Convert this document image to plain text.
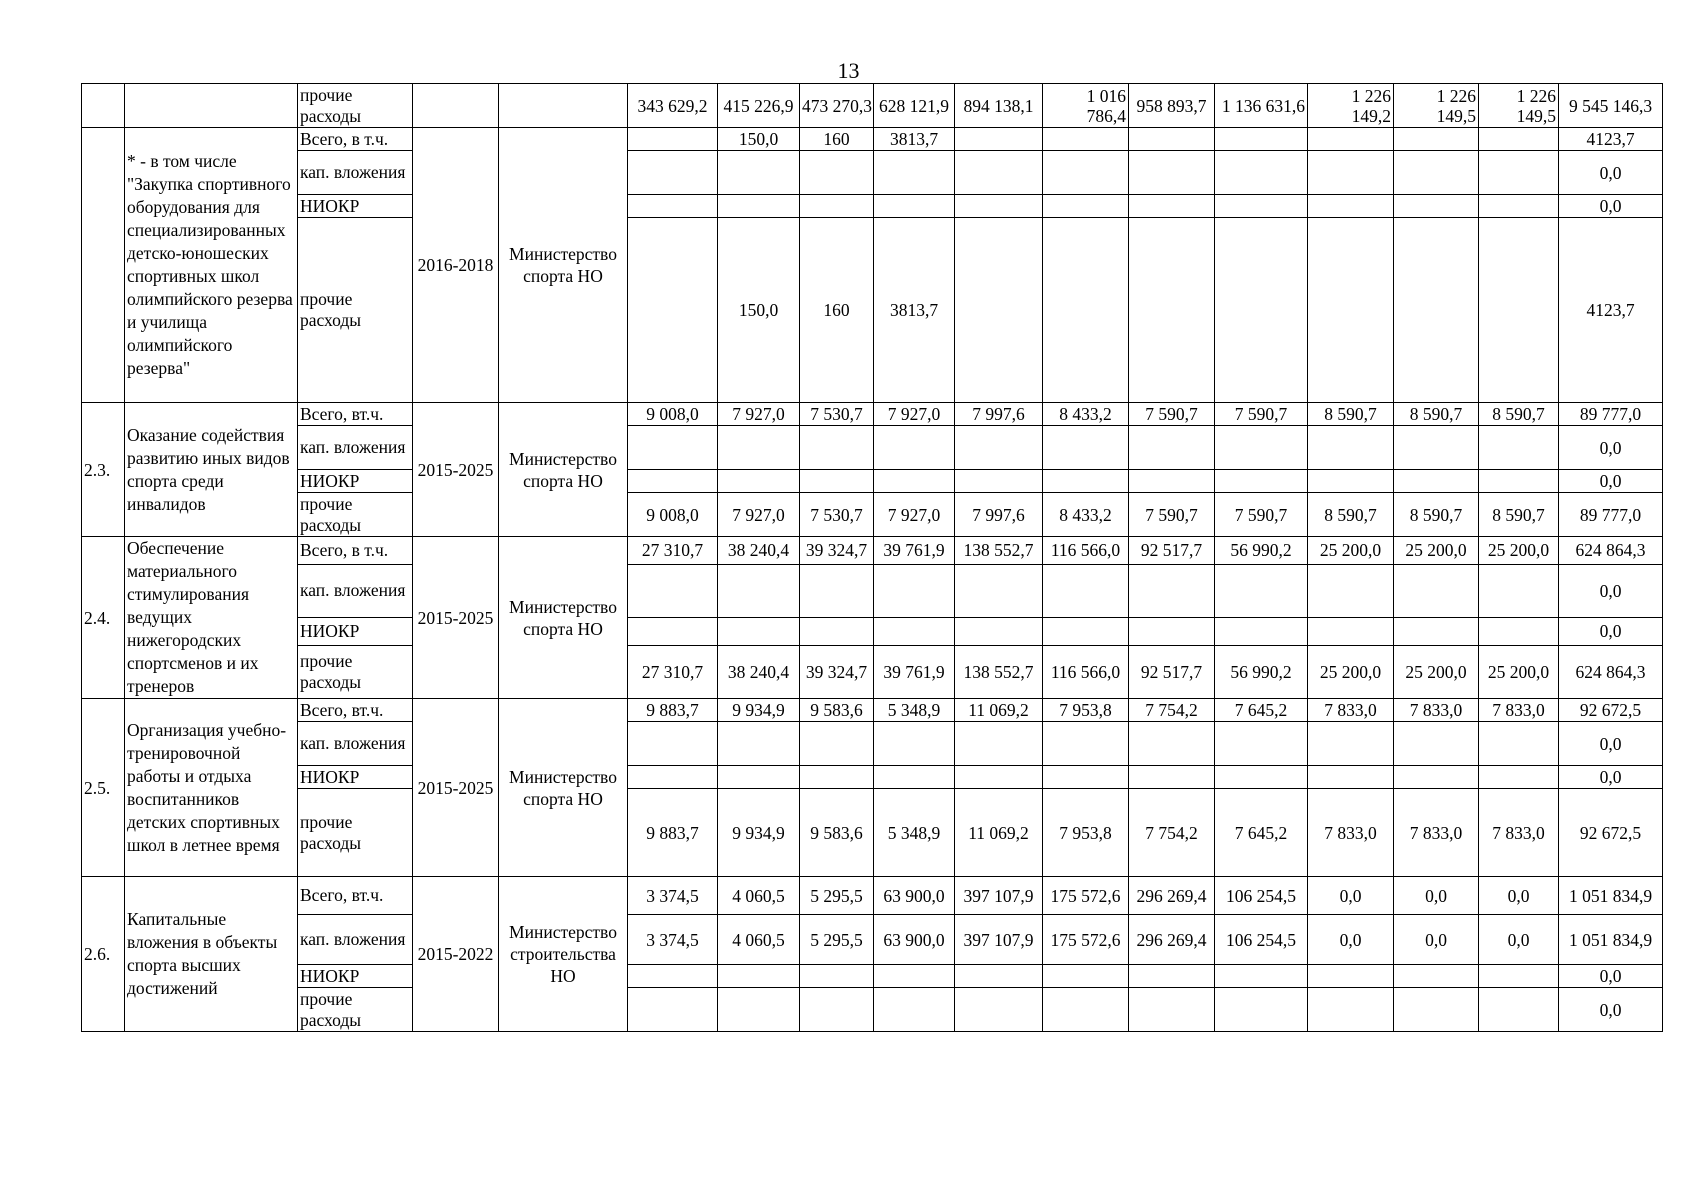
13
		прочие расходы			343 629,2	415 226,9	473 270,3	628 121,9	894 138,1	1 016 786,4	958 893,7	1 136 631,6	1 226 149,2	1 226 149,5	1 226 149,5	9 545 146,3
	* - в том числе "Закупка спортивного оборудования для специализированных детско-юношеских спортивных школ олимпийского резерва и училища олимпийского резерва"	Всего, в т.ч.	2016-2018	Министерство спорта НО		150,0	160	3813,7								4123,7
		кап. вложения														0,0
		НИОКР														0,0
		прочие расходы				150,0	160	3813,7								4123,7
2.3.	Оказание содействия развитию иных видов спорта среди инвалидов	Всего, вт.ч.	2015-2025	Министерство спорта НО	9 008,0	7 927,0	7 530,7	7 927,0	7 997,6	8 433,2	7 590,7	7 590,7	8 590,7	8 590,7	8 590,7	89 777,0
		кап. вложения														0,0
		НИОКР														0,0
		прочие расходы			9 008,0	7 927,0	7 530,7	7 927,0	7 997,6	8 433,2	7 590,7	7 590,7	8 590,7	8 590,7	8 590,7	89 777,0
2.4.	Обеспечение материального стимулирования ведущих нижегородских спортсменов и их тренеров	Всего, в т.ч.	2015-2025	Министерство спорта НО	27 310,7	38 240,4	39 324,7	39 761,9	138 552,7	116 566,0	92 517,7	56 990,2	25 200,0	25 200,0	25 200,0	624 864,3
		кап. вложения														0,0
		НИОКР														0,0
		прочие расходы			27 310,7	38 240,4	39 324,7	39 761,9	138 552,7	116 566,0	92 517,7	56 990,2	25 200,0	25 200,0	25 200,0	624 864,3
2.5.	Организация учебно-тренировочной работы и отдыха воспитанников детских спортивных школ в летнее время	Всего, вт.ч.	2015-2025	Министерство спорта НО	9 883,7	9 934,9	9 583,6	5 348,9	11 069,2	7 953,8	7 754,2	7 645,2	7 833,0	7 833,0	7 833,0	92 672,5
		кап. вложения														0,0
		НИОКР														0,0
		прочие расходы			9 883,7	9 934,9	9 583,6	5 348,9	11 069,2	7 953,8	7 754,2	7 645,2	7 833,0	7 833,0	7 833,0	92 672,5
2.6.	Капитальные вложения в объекты спорта высших достижений	Всего, вт.ч.	2015-2022	Министерство строительства НО	3 374,5	4 060,5	5 295,5	63 900,0	397 107,9	175 572,6	296 269,4	106 254,5	0,0	0,0	0,0	1 051 834,9
		кап. вложения			3 374,5	4 060,5	5 295,5	63 900,0	397 107,9	175 572,6	296 269,4	106 254,5	0,0	0,0	0,0	1 051 834,9
		НИОКР														0,0
		прочие расходы														0,0
